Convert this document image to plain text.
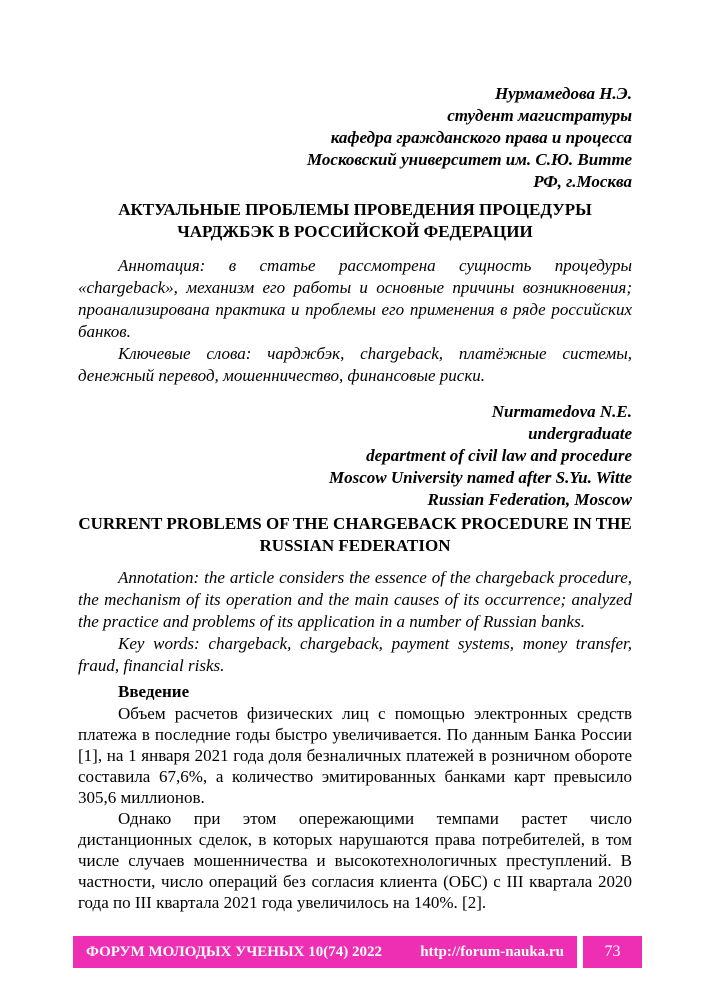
Нурмамедова Н.Э.
студент магистратуры
кафедра гражданского права и процесса
Московский университет им. С.Ю. Витте
РФ, г.Москва
АКТУАЛЬНЫЕ ПРОБЛЕМЫ ПРОВЕДЕНИЯ ПРОЦЕДУРЫ ЧАРДЖБЭК В РОССИЙСКОЙ ФЕДЕРАЦИИ

Аннотация: в статье рассмотрена сущность процедуры «chargeback», механизм его работы и основные причины возникновения; проанализирована практика и проблемы его применения в ряде российских банков.

Ключевые слова: чарджбэк, chargeback, платёжные системы, денежный перевод, мошенничество, финансовые риски.

Nurmamedova N.E.
undergraduate
department of civil law and procedure
Moscow University named after S.Yu. Witte
Russian Federation, Moscow
CURRENT PROBLEMS OF THE CHARGEBACK PROCEDURE IN THE RUSSIAN FEDERATION

Annotation: the article considers the essence of the chargeback procedure, the mechanism of its operation and the main causes of its occurrence; analyzed the practice and problems of its application in a number of Russian banks.

Key words: chargeback, chargeback, payment systems, money transfer, fraud, financial risks.

Введение

Объем расчетов физических лиц с помощью электронных средств платежа в последние годы быстро увеличивается. По данным Банка России [1], на 1 января 2021 года доля безналичных платежей в розничном обороте составила 67,6%, а количество эмитированных банками карт превысило 305,6 миллионов.

Однако при этом опережающими темпами растет число дистанционных сделок, в которых нарушаются права потребителей, в том числе случаев мошенничества и высокотехнологичных преступлений. В частности, число операций без согласия клиента (ОБС) с III квартала 2020 года по III квартала 2021 года увеличилось на 140%. [2].

ФОРУМ МОЛОДЫХ УЧЕНЫХ 10(74) 2022	http://forum-nauka.ru	73
